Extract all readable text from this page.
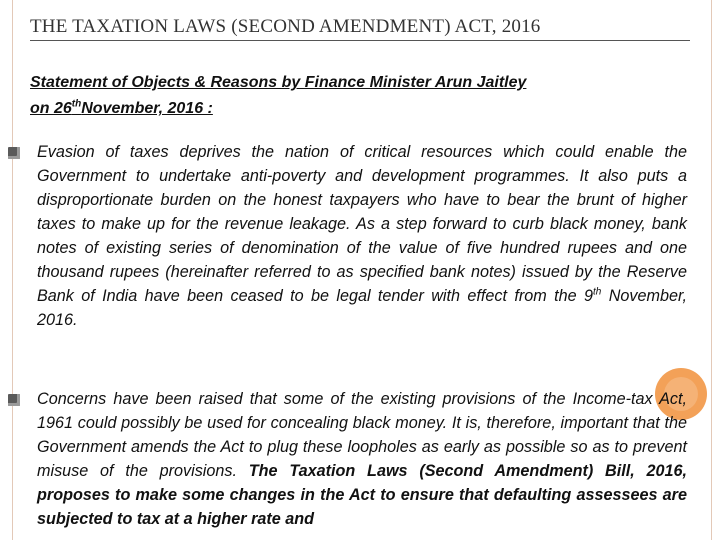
THE TAXATION LAWS (SECOND AMENDMENT) ACT, 2016
Statement of Objects & Reasons by Finance Minister Arun Jaitley
on 26thNovember, 2016 :
Evasion of taxes deprives the nation of critical resources which could enable the Government to undertake anti-poverty and development programmes. It also puts a disproportionate burden on the honest taxpayers who have to bear the brunt of higher taxes to make up for the revenue leakage. As a step forward to curb black money, bank notes of existing series of denomination of the value of five hundred rupees and one thousand rupees (hereinafter referred to as specified bank notes) issued by the Reserve Bank of India have been ceased to be legal tender with effect from the 9th November, 2016.
Concerns have been raised that some of the existing provisions of the Income-tax Act, 1961 could possibly be used for concealing black money. It is, therefore, important that the Government amends the Act to plug these loopholes as early as possible so as to prevent misuse of the provisions. The Taxation Laws (Second Amendment) Bill, 2016, proposes to make some changes in the Act to ensure that defaulting assessees are subjected to tax at a higher rate and
